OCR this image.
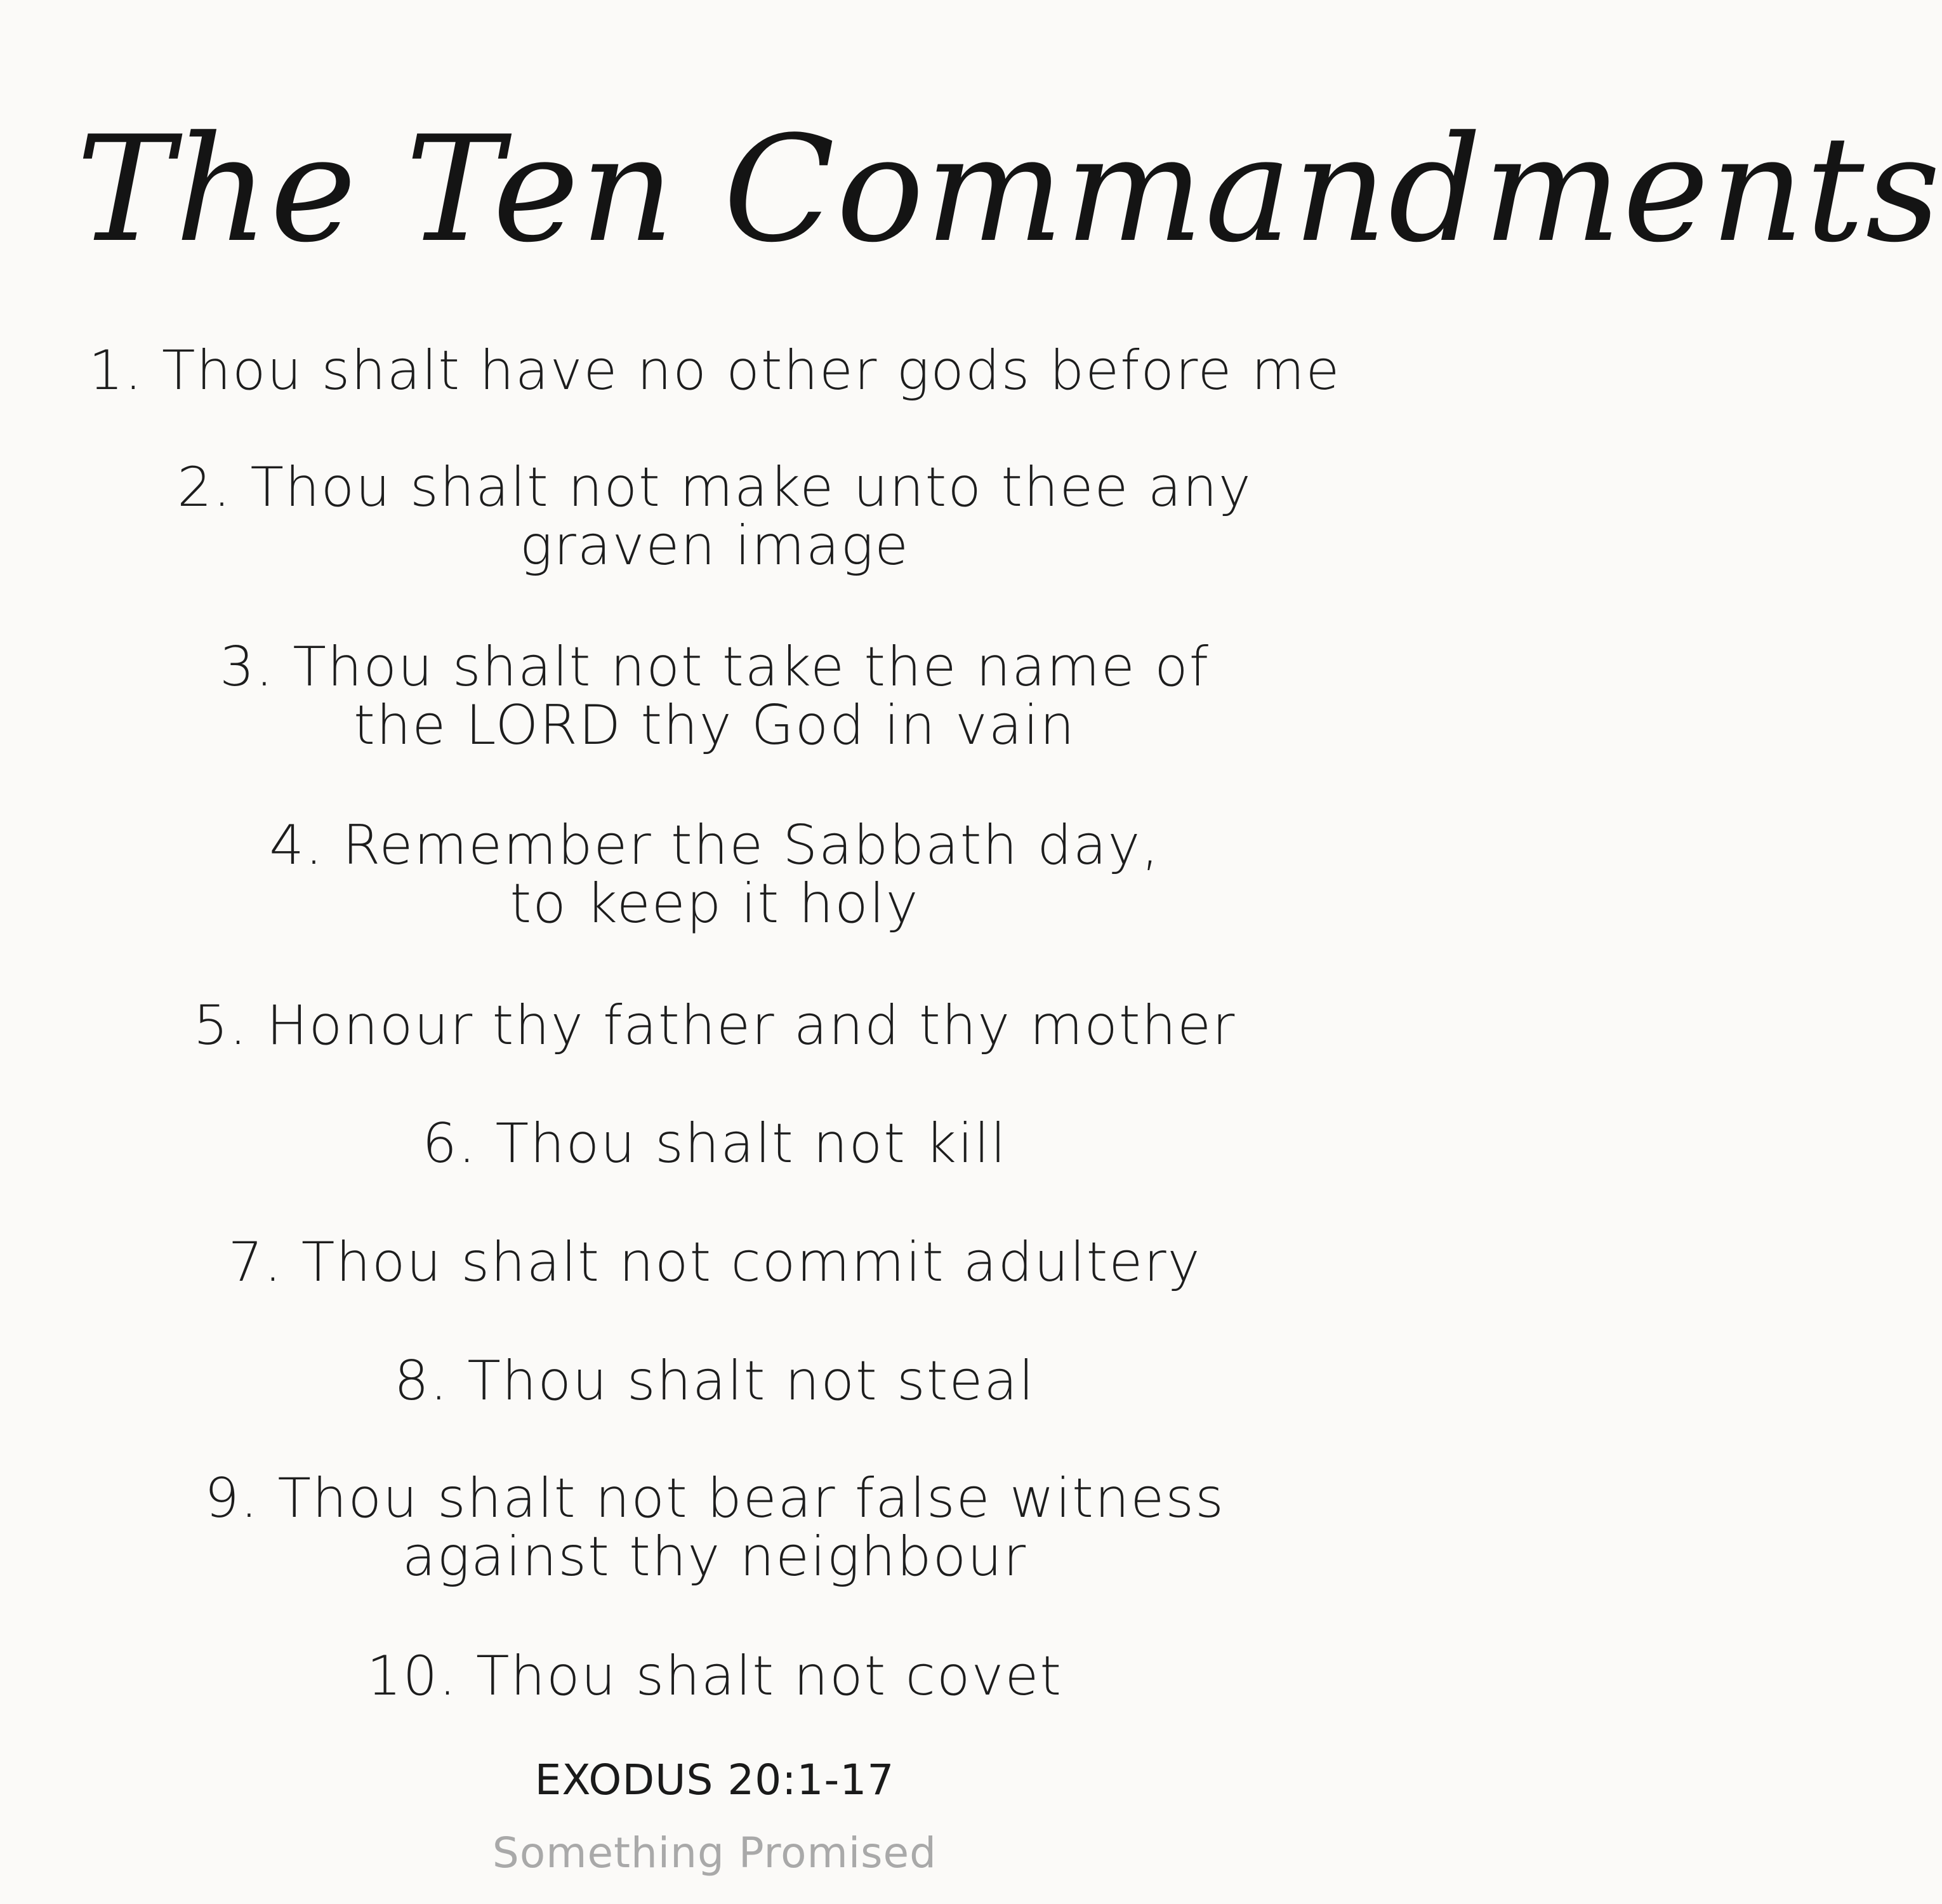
The Ten Commandments
1. Thou shalt have no other gods before me
2. Thou shalt not make unto thee any
graven image
3. Thou shalt not take the name of
the LORD thy God in vain
4. Remember the Sabbath day,
to keep it holy
5. Honour thy father and thy mother
6. Thou shalt not kill
7. Thou shalt not commit adultery
8. Thou shalt not steal
9. Thou shalt not bear false witness
against thy neighbour
10. Thou shalt not covet
EXODUS 20:1-17
Something Promised
